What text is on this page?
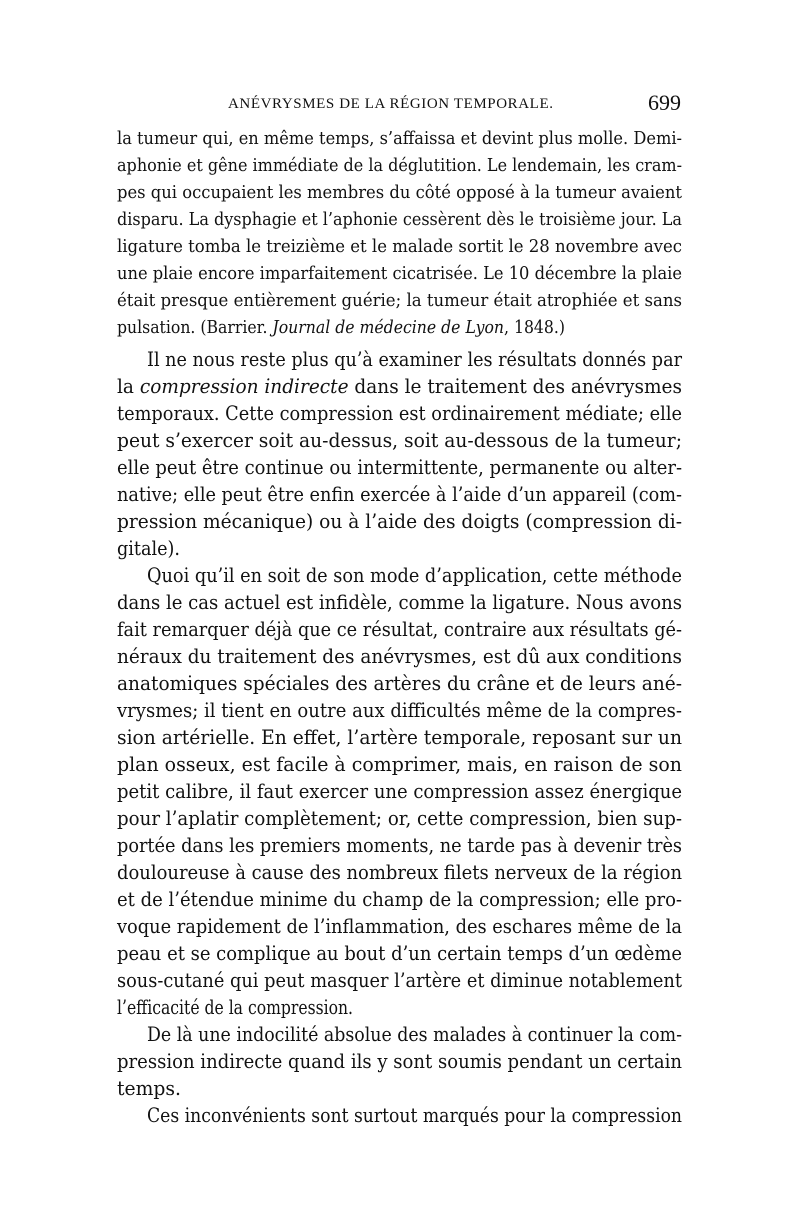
ANÉVRYSMES DE LA RÉGION TEMPORALE.	699
la tumeur qui, en même temps, s’affaissa et devint plus molle. Demi-
aphonie et gêne immédiate de la déglutition. Le lendemain, les cram-
pes qui occupaient les membres du côté opposé à la tumeur avaient
disparu. La dysphagie et l’aphonie cessèrent dès le troisième jour. La
ligature tomba le treizième et le malade sortit le 28 novembre avec
une plaie encore imparfaitement cicatrisée. Le 10 décembre la plaie
était presque entièrement guérie; la tumeur était atrophiée et sans
pulsation. (Barrier. Journal de médecine de Lyon, 1848.)
Il ne nous reste plus qu’à examiner les résultats donnés par
la compression indirecte dans le traitement des anévrysmes
temporaux. Cette compression est ordinairement médiate; elle
peut s’exercer soit au-dessus, soit au-dessous de la tumeur;
elle peut être continue ou intermittente, permanente ou alter-
native; elle peut être enfin exercée à l’aide d’un appareil (com-
pression mécanique) ou à l’aide des doigts (compression di-
gitale).
Quoi qu’il en soit de son mode d’application, cette méthode
dans le cas actuel est infidèle, comme la ligature. Nous avons
fait remarquer déjà que ce résultat, contraire aux résultats gé-
néraux du traitement des anévrysmes, est dû aux conditions
anatomiques spéciales des artères du crâne et de leurs ané-
vrysmes; il tient en outre aux difficultés même de la compres-
sion artérielle. En effet, l’artère temporale, reposant sur un
plan osseux, est facile à comprimer, mais, en raison de son
petit calibre, il faut exercer une compression assez énergique
pour l’aplatir complètement; or, cette compression, bien sup-
portée dans les premiers moments, ne tarde pas à devenir très
douloureuse à cause des nombreux filets nerveux de la région
et de l’étendue minime du champ de la compression; elle pro-
voque rapidement de l’inflammation, des eschares même de la
peau et se complique au bout d’un certain temps d’un œdème
sous-cutané qui peut masquer l’artère et diminue notablement
l’efficacité de la compression.
De là une indocilité absolue des malades à continuer la com-
pression indirecte quand ils y sont soumis pendant un certain
temps.
Ces inconvénients sont surtout marqués pour la compression
